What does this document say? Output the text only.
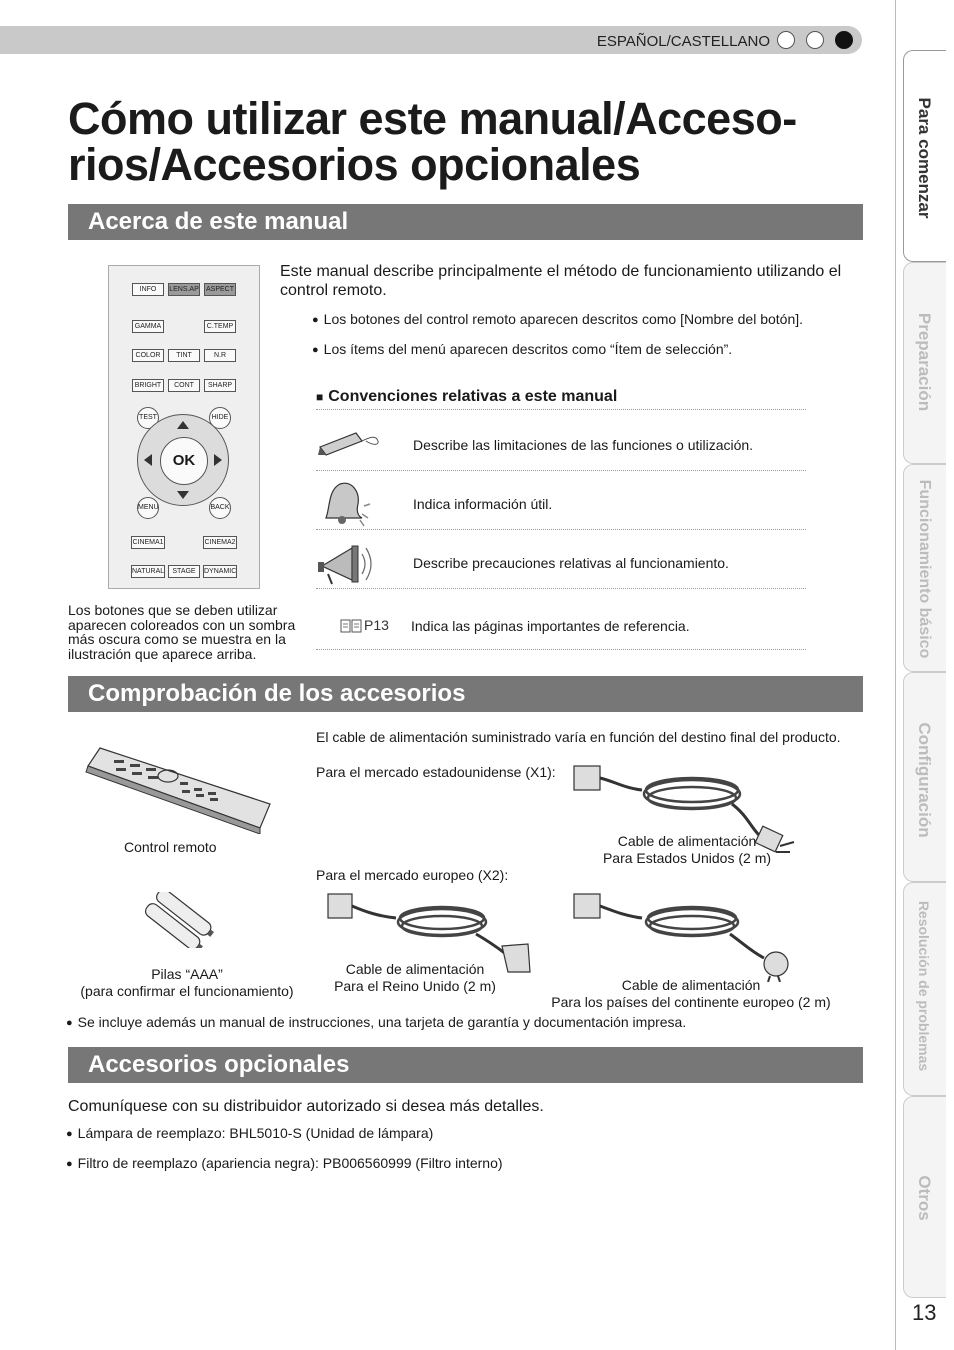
ESPAÑOL/CASTELLANO
Cómo utilizar este manual/Acceso-
rios/Accesorios opcionales
Acerca de este manual
INFO	LENS.AP ASPECT
GAMMA	C.TEMP
COLOR	TINT	N.R
BRIGHT	CONT	SHARP
TEST	HIDE
OK
MENU	BACK
CINEMA1	CINEMA2
NATURAL	STAGE	DYNAMIC
Los botones que se deben utilizar aparecen coloreados con un sombra más oscura como se muestra en la ilustración que aparece arriba.
Este manual describe principalmente el método de funcionamiento utilizando el control remoto.
● Los botones del control remoto aparecen descritos como [Nombre del botón].
● Los ítems del menú aparecen descritos como “Ítem de selección”.
■ Convenciones relativas a este manual
Describe las limitaciones de las funciones o utilización.
Indica información útil.
Describe precauciones relativas al funcionamiento.
P13 Indica las páginas importantes de referencia.
Comprobación de los accesorios
Control remoto
Pilas “AAA”
(para confirmar el funcionamiento)
El cable de alimentación suministrado varía en función del destino final del producto.
Para el mercado estadounidense (X1):
Cable de alimentación
Para Estados Unidos (2 m)
Para el mercado europeo (X2):
Cable de alimentación
Para el Reino Unido (2 m)	Cable de alimentación
Para los países del continente europeo (2 m)
● Se incluye además un manual de instrucciones, una tarjeta de garantía y documentación impresa.
Accesorios opcionales
Comuníquese con su distribuidor autorizado si desea más detalles.
● Lámpara de reemplazo: BHL5010-S (Unidad de lámpara)
● Filtro de reemplazo (apariencia negra): PB006560999 (Filtro interno)
Para comenzar
Preparación
Funcionamiento básico
Configuración
Resolución de problemas
Otros
13
